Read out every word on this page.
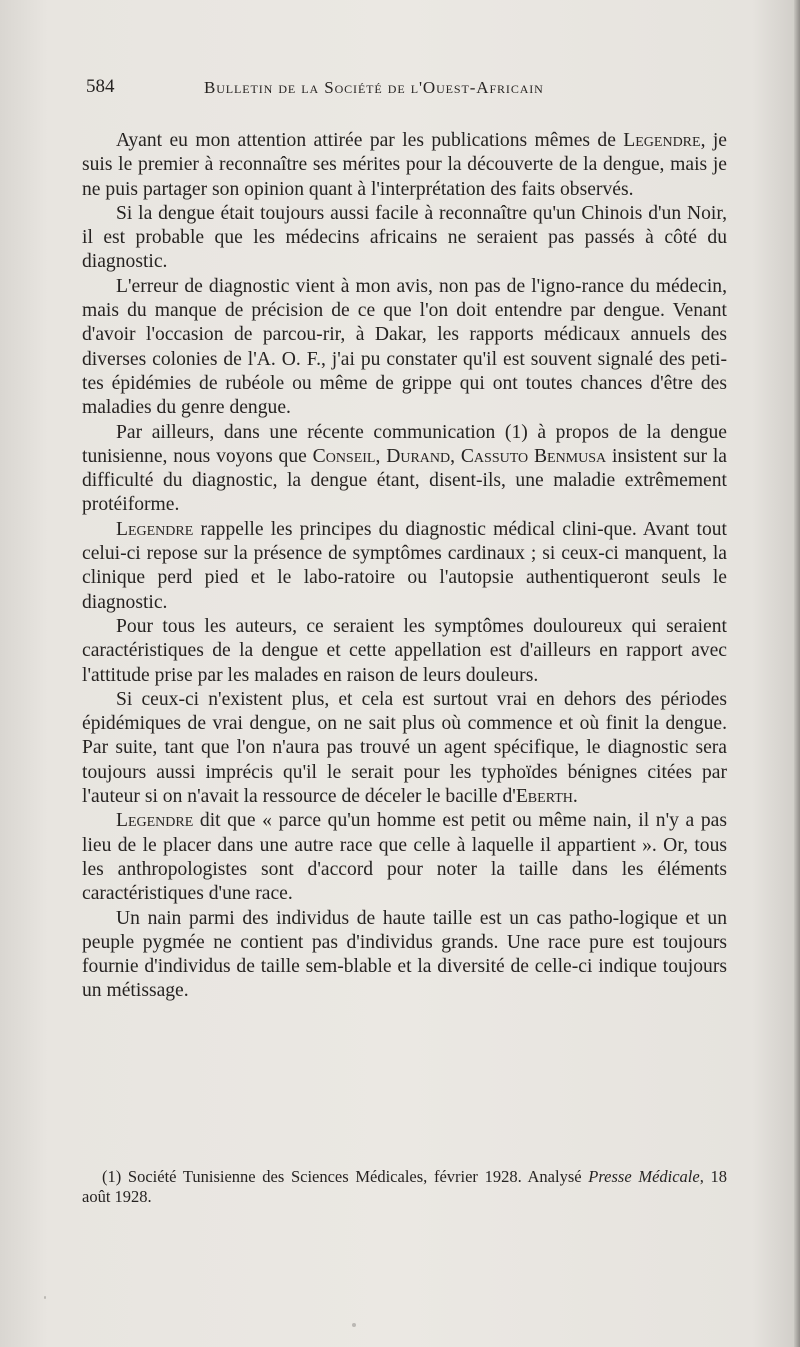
584	Bulletin de la Société de l'Ouest-Africain

Ayant eu mon attention attirée par les publications mêmes de Legendre, je suis le premier à reconnaître ses mérites pour la découverte de la dengue, mais je ne puis partager son opinion quant à l'interprétation des faits observés.

Si la dengue était toujours aussi facile à reconnaître qu'un Chinois d'un Noir, il est probable que les médecins africains ne seraient pas passés à côté du diagnostic.

L'erreur de diagnostic vient à mon avis, non pas de l'igno-rance du médecin, mais du manque de précision de ce que l'on doit entendre par dengue. Venant d'avoir l'occasion de parcou-rir, à Dakar, les rapports médicaux annuels des diverses colonies de l'A. O. F., j'ai pu constater qu'il est souvent signalé des peti-tes épidémies de rubéole ou même de grippe qui ont toutes chances d'être des maladies du genre dengue.

Par ailleurs, dans une récente communication (1) à propos de la dengue tunisienne, nous voyons que Conseil, Durand, Cassuto Benmusa insistent sur la difficulté du diagnostic, la dengue étant, disent-ils, une maladie extrêmement protéiforme.

Legendre rappelle les principes du diagnostic médical clini-que. Avant tout celui-ci repose sur la présence de symptômes cardinaux ; si ceux-ci manquent, la clinique perd pied et le labo-ratoire ou l'autopsie authentiqueront seuls le diagnostic.

Pour tous les auteurs, ce seraient les symptômes douloureux qui seraient caractéristiques de la dengue et cette appellation est d'ailleurs en rapport avec l'attitude prise par les malades en raison de leurs douleurs.

Si ceux-ci n'existent plus, et cela est surtout vrai en dehors des périodes épidémiques de vrai dengue, on ne sait plus où commence et où finit la dengue. Par suite, tant que l'on n'aura pas trouvé un agent spécifique, le diagnostic sera toujours aussi imprécis qu'il le serait pour les typhoïdes bénignes citées par l'auteur si on n'avait la ressource de déceler le bacille d'Eberth.

Legendre dit que « parce qu'un homme est petit ou même nain, il n'y a pas lieu de le placer dans une autre race que celle à laquelle il appartient ». Or, tous les anthropologistes sont d'accord pour noter la taille dans les éléments caractéristiques d'une race.

Un nain parmi des individus de haute taille est un cas patho-logique et un peuple pygmée ne contient pas d'individus grands. Une race pure est toujours fournie d'individus de taille sem-blable et la diversité de celle-ci indique toujours un métissage.

(1) Société Tunisienne des Sciences Médicales, février 1928. Analysé Presse Médicale, 18 août 1928.
